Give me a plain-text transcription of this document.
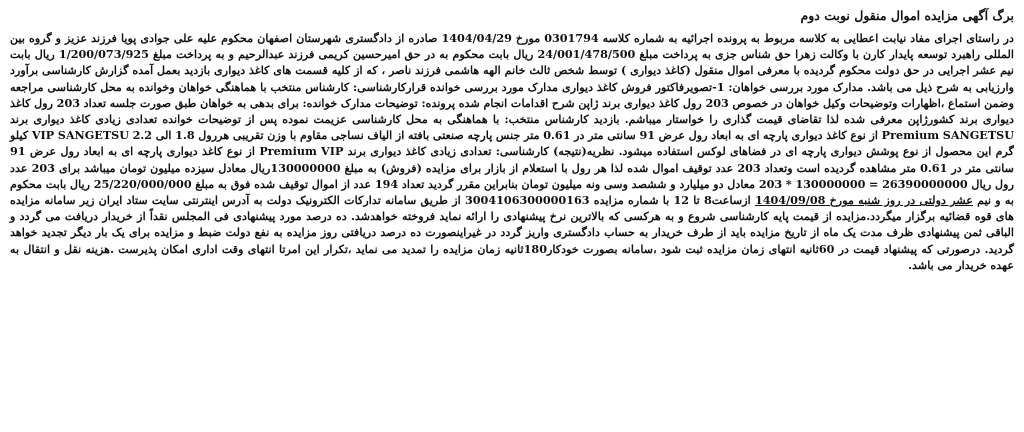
برگ آگهی مزایده اموال منقول نوبت دوم

در راستای اجرای مفاد نیابت اعطایی به کلاسه مربوط به پرونده اجرائیه به شماره کلاسه 0301794 مورخ 1404/04/29 صادره از دادگستری شهرستان اصفهان محکوم علیه علی جوادی پویا فرزند عزیز و گروه بین المللی راهبرد توسعه پایدار کارن با وکالت زهرا حق شناس جزی به پرداخت مبلغ 24/001/478/500 ریال بابت محکوم به در حق امیرحسین کریمی فرزند عبدالرحیم و به پرداخت مبلغ 1/200/073/925 ریال بابت نیم عشر اجرایی در حق دولت محکوم گردیده با معرفی اموال منقول (کاغذ دیواری ) توسط شخص ثالث خانم الهه هاشمی فرزند ناصر ، که از کلیه قسمت های کاغذ دیواری بازدید بعمل آمده گزارش کارشناسی برآورد وارزیابی به شرح ذیل می باشد. مدارک مورد بررسی خواهان: 1-تصویرفاکتور فروش کاغذ دیواری مدارک مورد بررسی خوانده قرارکارشناسی: کارشناس منتخب با هماهنگی خواهان وخوانده به محل کارشناسی مراجعه وضمن استماع ،اظهارات وتوضیحات وکیل خواهان در خصوص 203 رول کاغذ دیواری برند ژاپن شرح اقدامات انجام شده پرونده: توضیحات مدارک خوانده: برای بدهی به خواهان طبق صورت جلسه تعداد 203 رول کاغذ دیواری برند کشورژاپن معرفی شده لذا تقاضای قیمت گذاری را خواستار میباشم. بازدید کارشناس منتخب: با هماهنگی به محل کارشناسی عزیمت نموده پس از توضیحات خوانده تعدادی زیادی کاغذ دیواری برند Premium SANGETSU از نوع کاغذ دیواری پارچه ای به ابعاد رول عرض 91 سانتی متر در 0.61 متر جنس پارچه صنعتی بافته از الیاف نساجی مقاوم با وزن تقریبی هررول 1.8 الی 2.2 VIP SANGETSU کیلو گرم این محصول از نوع پوشش دیواری پارچه ای در فضاهای لوکس استفاده میشود. نظریه(نتیجه) کارشناسی: تعدادی زیادی کاغذ دیواری برند Premium VIP از نوع کاغذ دیواری پارچه ای به ابعاد رول عرض 91 سانتی متر در 0.61 متر مشاهده گردیده است وتعداد 203 عدد توقیف اموال شده لذا هر رول با استعلام از بازار برای مزایده (فروش) به مبلغ 130000000ریال معادل سیزده میلیون تومان میباشد برای 203 عدد رول ریال 26390000000 = 130000000 * 203 معادل دو میلیارد و ششصد وسی ونه میلیون تومان بنابراین مقرر گردید تعداد 194 عدد از اموال توقیف شده فوق به مبلغ 25/220/000/000 ریال بابت محکوم به و نیم عشر دولتی در روز شنبه مورخ 1404/09/08 ازساعت8 تا 12 با شماره مزایده 3004106300000163 از طریق سامانه تدارکات الکترونیک دولت به آدرس اینترنتی سایت ستاد ایران زیر سامانه مزایده های قوه قضائیه برگزار میگردد.مزایده از قیمت پایه کارشناسی شروع و به هرکسی که بالاترین نرخ پیشنهادی را ارائه نماید فروخته خواهدشد. ده درصد مورد پیشنهادی فی المجلس نقداً از خریدار دریافت می گردد و الباقی ثمن پیشنهادی ظرف مدت یک ماه از تاریخ مزایده باید از طرف خریدار به حساب دادگستری واریز گردد در غیراینصورت ده درصد دریافتی روز مزایده به نفع دولت ضبط و مزایده برای یک بار دیگر تجدید خواهد گردید. درصورتی که پیشنهاد قیمت در 60ثانیه انتهای زمان مزایده ثبت شود ،سامانه بصورت خودکار180ثانیه زمان مزایده را تمدید می نماید ،تکرار این امرتا انتهای وقت اداری امکان پذیرست .هزینه نقل و انتقال به عهده خریدار می باشد.
